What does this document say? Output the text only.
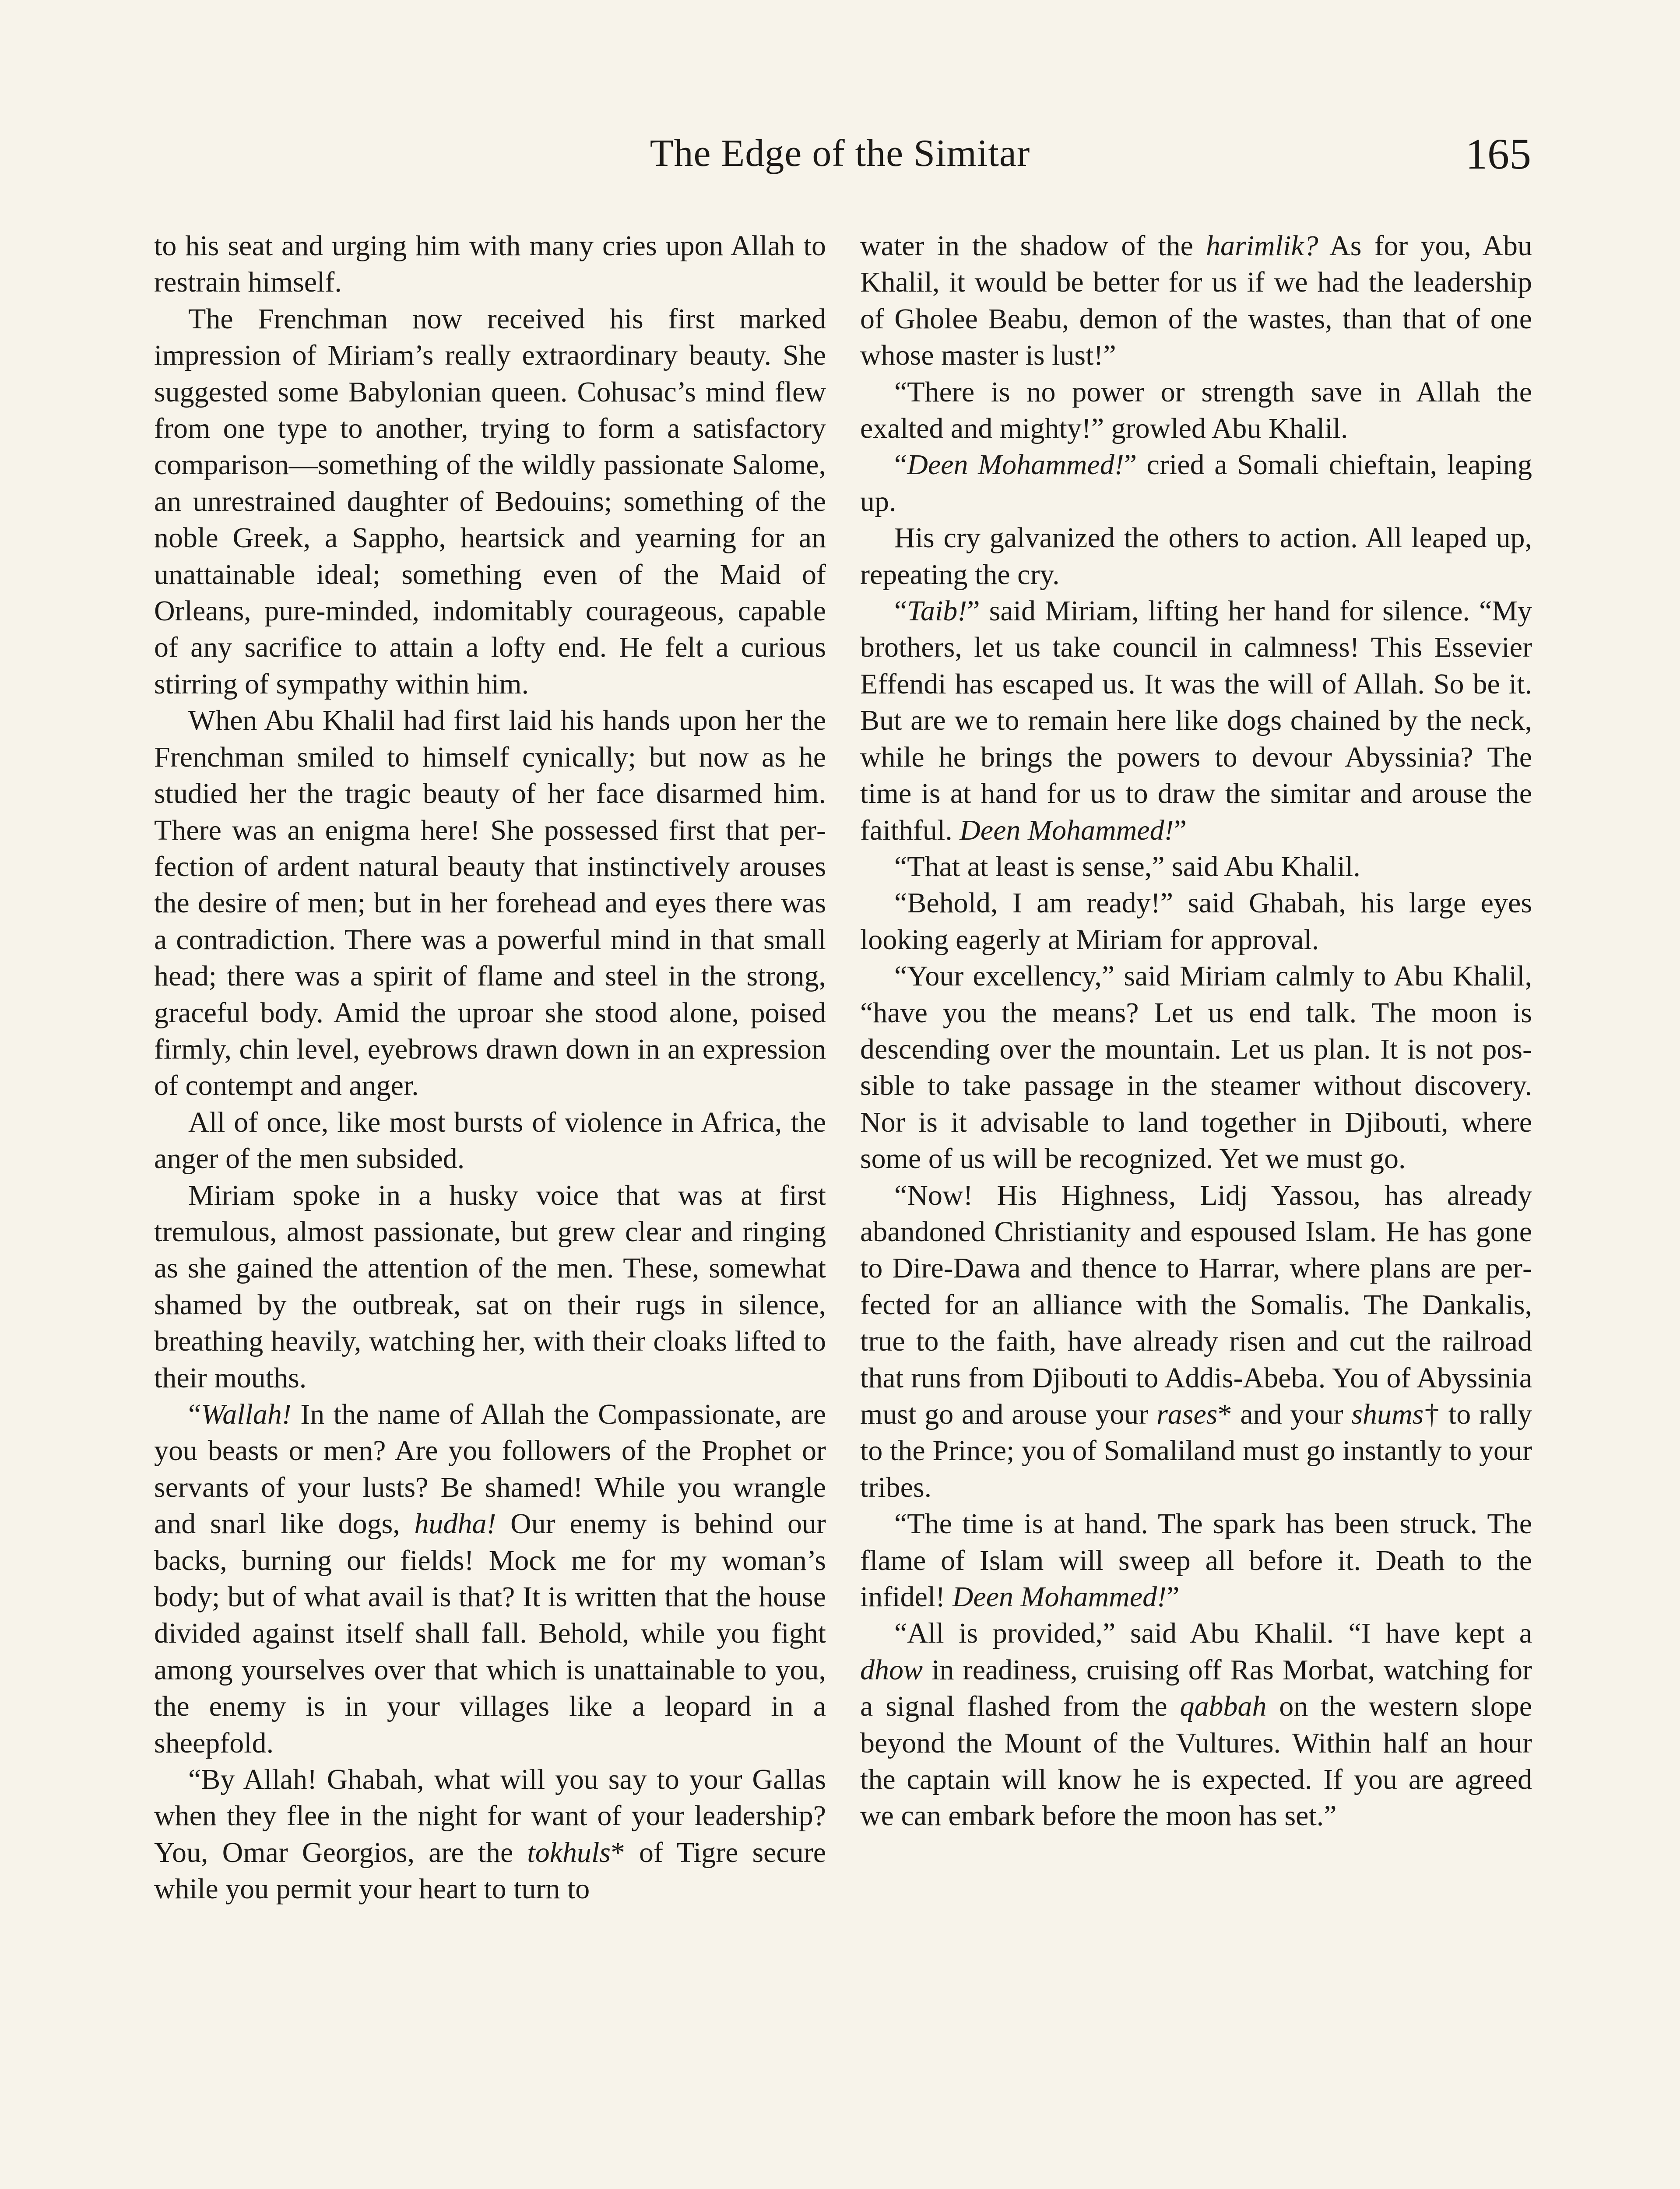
The Edge of the Simitar	165

to his seat and urging him with many cries upon Allah to restrain himself.

The Frenchman now received his first marked impression of Miriam’s really extraordinary beauty. She suggested some Babylonian queen. Cohusac’s mind flew from one type to another, trying to form a satisfactory comparison—something of the wildly passionate Salome, an unrestrained daughter of Bedouins; something of the noble Greek, a Sappho, heartsick and yearning for an unattainable ideal; something even of the Maid of Orleans, pure-minded, indomitably courageous, capable of any sacrifice to attain a lofty end. He felt a curious stirring of sympathy within him.

When Abu Khalil had first laid his hands upon her the Frenchman smiled to himself cynically; but now as he studied her the tragic beauty of her face disarmed him. There was an enigma here! She possessed first that perfection of ardent natural beauty that instinctively arouses the desire of men; but in her forehead and eyes there was a contradiction. There was a powerful mind in that small head; there was a spirit of flame and steel in the strong, graceful body. Amid the uproar she stood alone, poised firmly, chin level, eyebrows drawn down in an expression of contempt and anger.

All of once, like most bursts of violence in Africa, the anger of the men subsided.

Miriam spoke in a husky voice that was at first tremulous, almost passionate, but grew clear and ringing as she gained the attention of the men. These, somewhat shamed by the outbreak, sat on their rugs in silence, breathing heavily, watching her, with their cloaks lifted to their mouths.

“Wallah! In the name of Allah the Compassionate, are you beasts or men? Are you followers of the Prophet or servants of your lusts? Be shamed! While you wrangle and snarl like dogs, hudha! Our enemy is behind our backs, burning our fields! Mock me for my woman’s body; but of what avail is that? It is written that the house divided against itself shall fall. Behold, while you fight among yourselves over that which is unattainable to you, the enemy is in your villages like a leopard in a sheepfold.

“By Allah! Ghabah, what will you say to your Gallas when they flee in the night for want of your leadership? You, Omar Georgios, are the tokhuls* of Tigre secure while you permit your heart to turn to

water in the shadow of the harimlik? As for you, Abu Khalil, it would be better for us if we had the leadership of Gholee Beabu, demon of the wastes, than that of one whose master is lust!”

“There is no power or strength save in Allah the exalted and mighty!” growled Abu Khalil.

“Deen Mohammed!” cried a Somali chieftain, leaping up.

His cry galvanized the others to action. All leaped up, repeating the cry.

“Taib!” said Miriam, lifting her hand for silence. “My brothers, let us take council in calmness! This Essevier Effendi has escaped us. It was the will of Allah. So be it. But are we to remain here like dogs chained by the neck, while he brings the powers to devour Abyssinia? The time is at hand for us to draw the simitar and arouse the faithful. Deen Mohammed!”

“That at least is sense,” said Abu Khalil.

“Behold, I am ready!” said Ghabah, his large eyes looking eagerly at Miriam for approval.

“Your excellency,” said Miriam calmly to Abu Khalil, “have you the means? Let us end talk. The moon is descending over the mountain. Let us plan. It is not possible to take passage in the steamer without discovery. Nor is it advisable to land together in Djibouti, where some of us will be recognized. Yet we must go.

“Now! His Highness, Lidj Yassou, has already abandoned Christianity and espoused Islam. He has gone to Dire-Dawa and thence to Harrar, where plans are perfected for an alliance with the Somalis. The Dankalis, true to the faith, have already risen and cut the railroad that runs from Djibouti to Addis-Abeba. You of Abyssinia must go and arouse your rases* and your shums† to rally to the Prince; you of Somaliland must go instantly to your tribes.

“The time is at hand. The spark has been struck. The flame of Islam will sweep all before it. Death to the infidel! Deen Mohammed!”

“All is provided,” said Abu Khalil. “I have kept a dhow in readiness, cruising off Ras Morbat, watching for a signal flashed from the qabbah on the western slope beyond the Mount of the Vultures. Within half an hour the captain will know he is expected. If you are agreed we can embark before the moon has set.”
